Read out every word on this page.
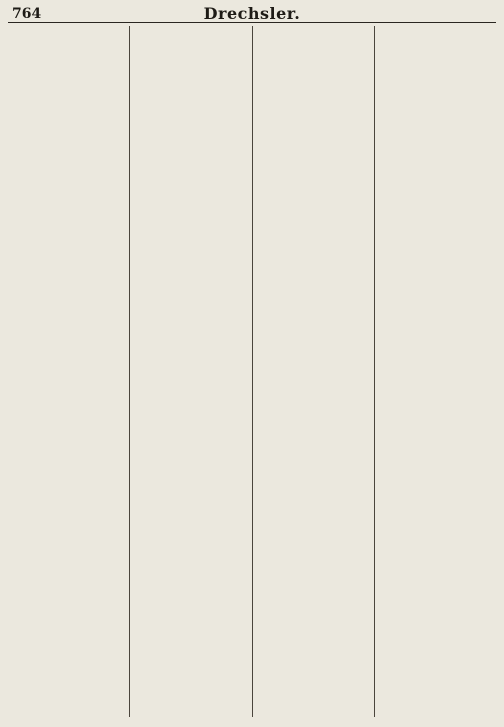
764	Drechsler.
